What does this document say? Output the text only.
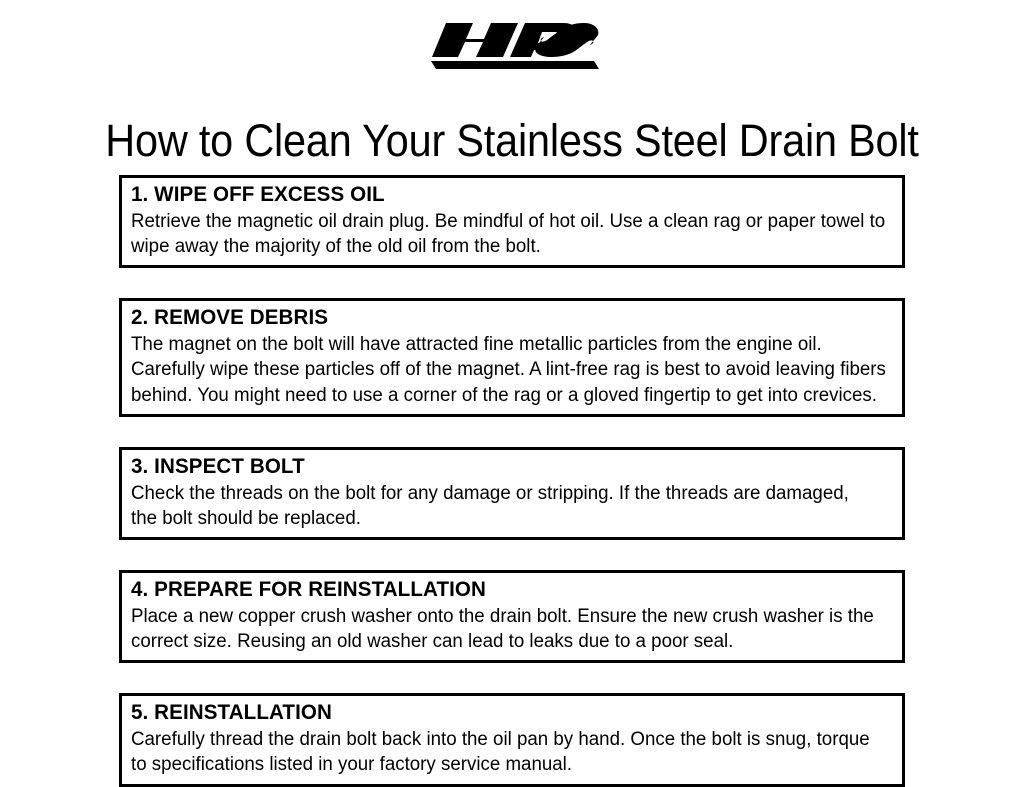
How to Clean Your Stainless Steel Drain Bolt
1. WIPE OFF EXCESS OIL
Retrieve the magnetic oil drain plug. Be mindful of hot oil. Use a clean rag or paper towel to
wipe away the majority of the old oil from the bolt.
2. REMOVE DEBRIS
The magnet on the bolt will have attracted fine metallic particles from the engine oil.
Carefully wipe these particles off of the magnet. A lint-free rag is best to avoid leaving fibers
behind. You might need to use a corner of the rag or a gloved fingertip to get into crevices.
3. INSPECT BOLT
Check the threads on the bolt for any damage or stripping. If the threads are damaged,
the bolt should be replaced.
4. PREPARE FOR REINSTALLATION
Place a new copper crush washer onto the drain bolt. Ensure the new crush washer is the
correct size. Reusing an old washer can lead to leaks due to a poor seal.
5. REINSTALLATION
Carefully thread the drain bolt back into the oil pan by hand. Once the bolt is snug, torque
to specifications listed in your factory service manual.
